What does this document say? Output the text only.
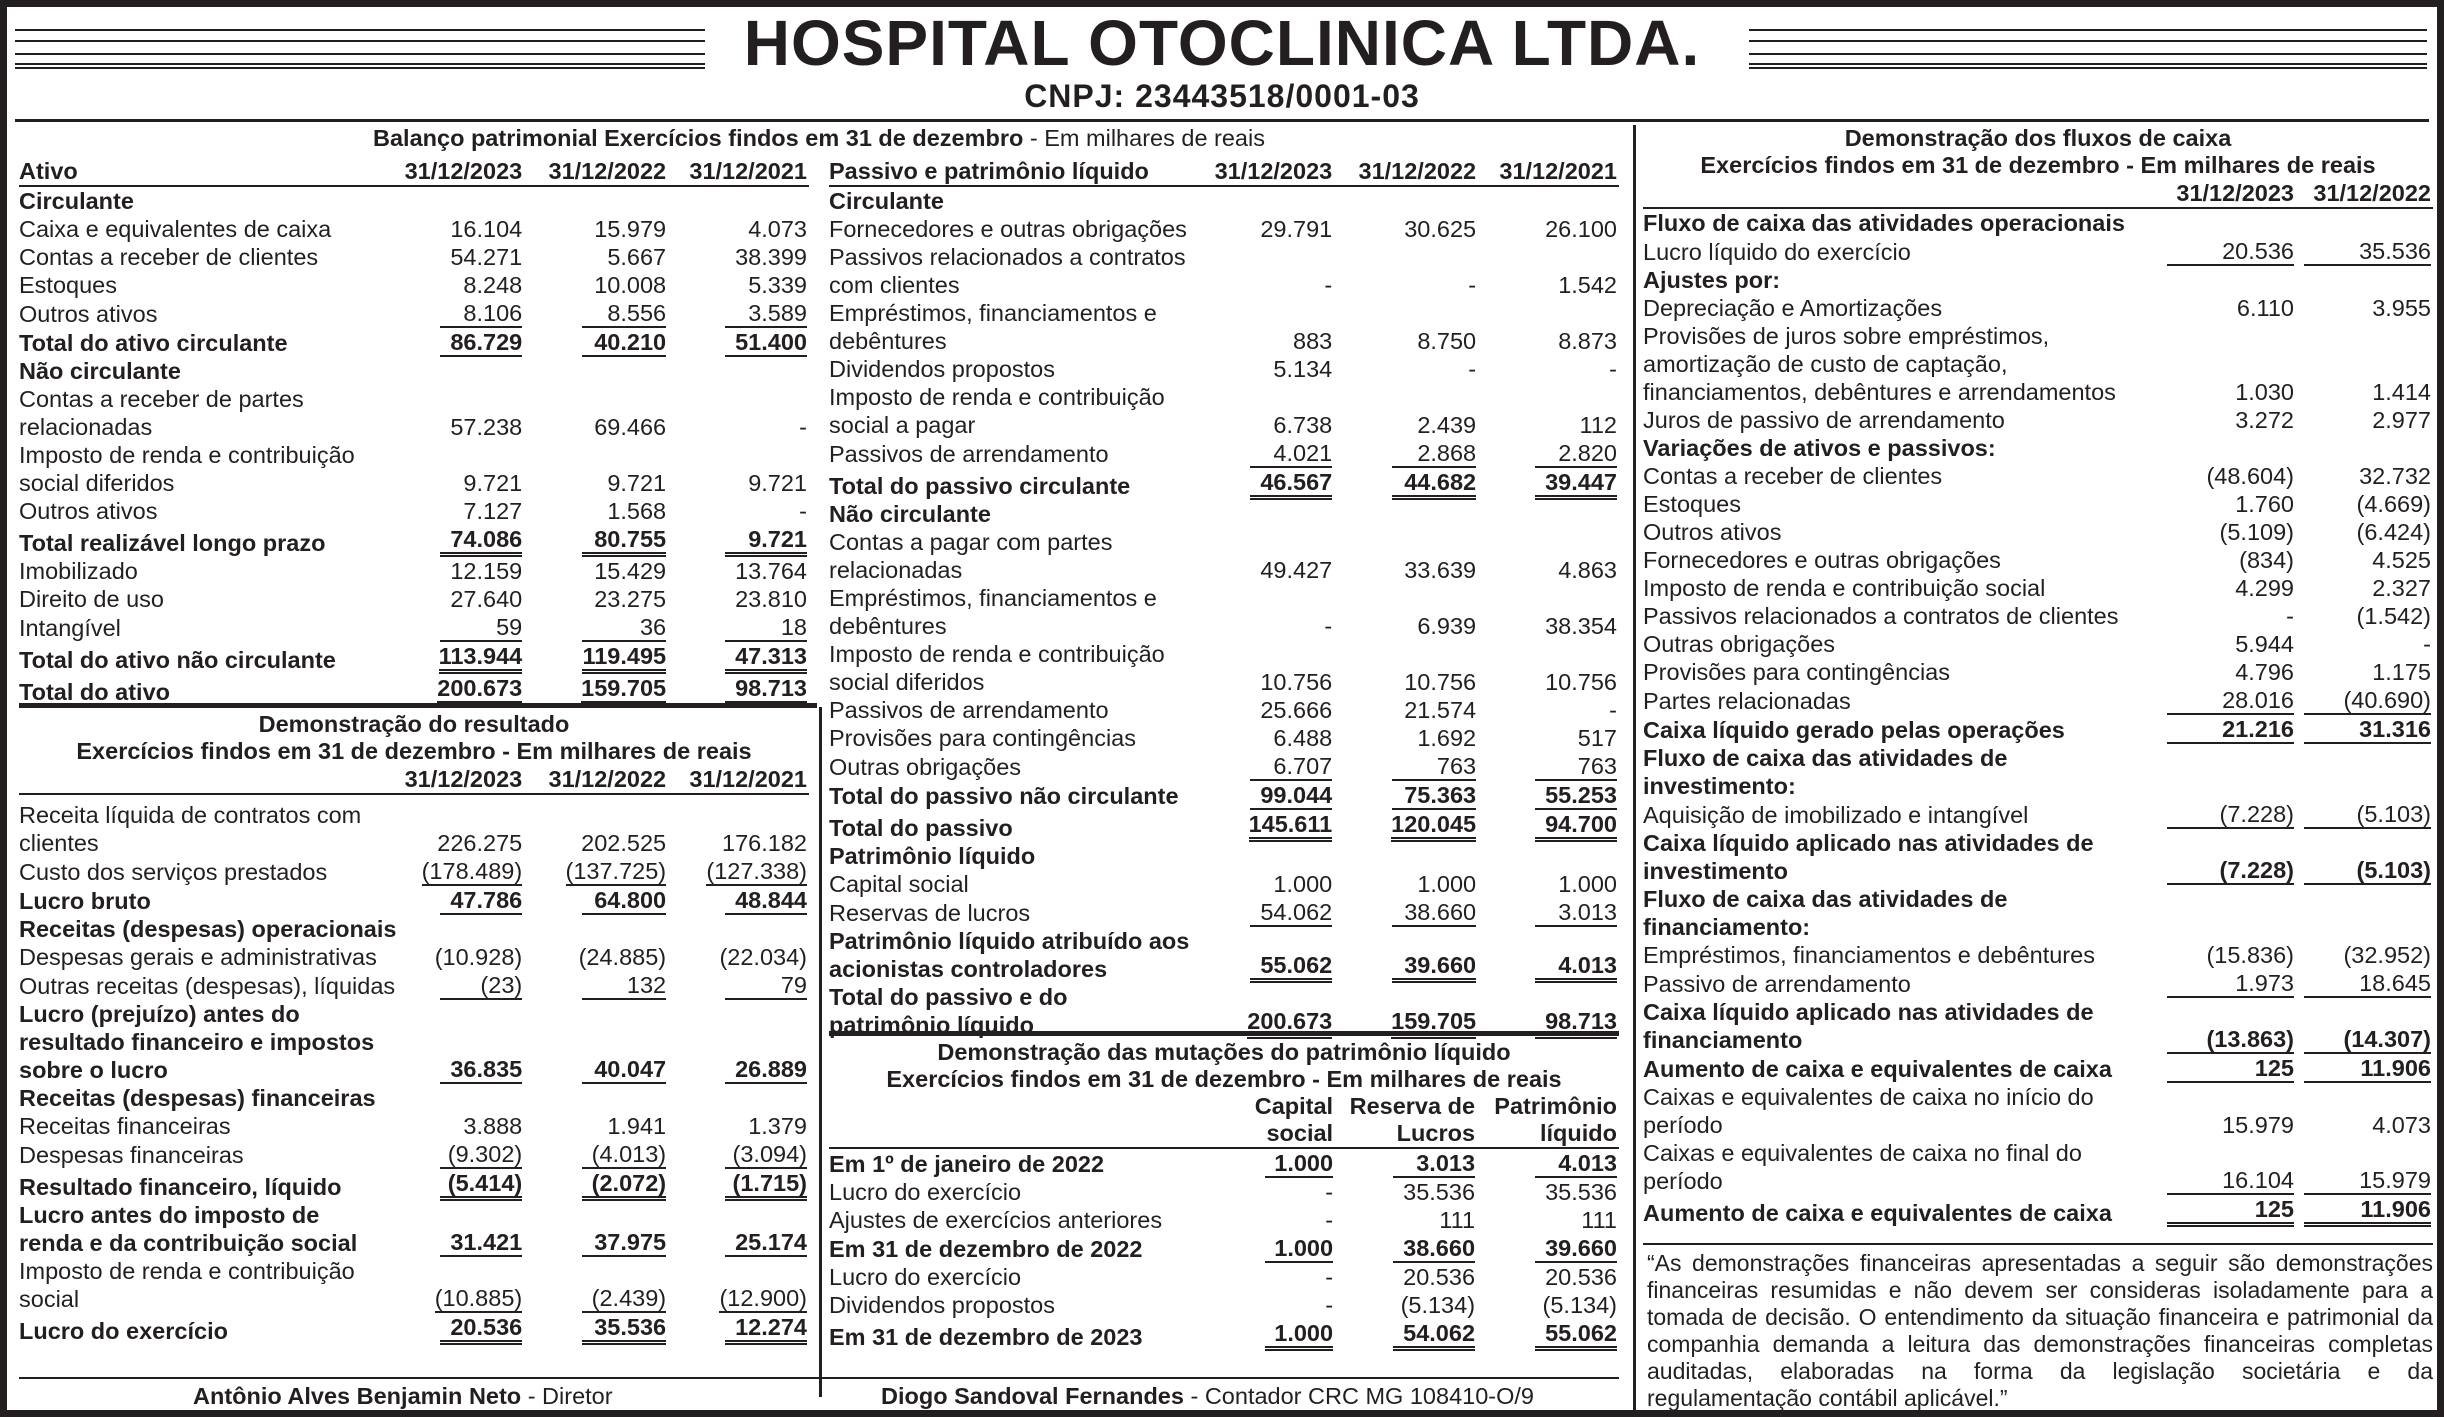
HOSPITAL OTOCLINICA LTDA.
CNPJ: 23443518/0001-03
Balanço patrimonial Exercícios findos em 31 de dezembro - Em milhares de reais
Ativo	31/12/2023	31/12/2022	31/12/2021
Circulante			
Caixa e equivalentes de caixa	16.104	15.979	4.073
Contas a receber de clientes	54.271	5.667	38.399
Estoques	8.248	10.008	5.339
Outros ativos	8.106	8.556	3.589
Total do ativo circulante	86.729	40.210	51.400
Não circulante			
Contas a receber de partes relacionadas	57.238	69.466	-
Imposto de renda e contribuição social diferidos	9.721	9.721	9.721
Outros ativos	7.127	1.568	-
Total realizável longo prazo	74.086	80.755	9.721
Imobilizado	12.159	15.429	13.764
Direito de uso	27.640	23.275	23.810
Intangível	59	36	18
Total do ativo não circulante	113.944	119.495	47.313
Total do ativo	200.673	159.705	98.713
Passivo e patrimônio líquido	31/12/2023	31/12/2022	31/12/2021
Circulante			
Fornecedores e outras obrigações	29.791	30.625	26.100
Passivos relacionados a contratos com clientes	-	-	1.542
Empréstimos, financiamentos e debêntures	883	8.750	8.873
Dividendos propostos	5.134	-	-
Imposto de renda e contribuição social a pagar	6.738	2.439	112
Passivos de arrendamento	4.021	2.868	2.820
Total do passivo circulante	46.567	44.682	39.447
Não circulante			
Contas a pagar com partes relacionadas	49.427	33.639	4.863
Empréstimos, financiamentos e debêntures	-	6.939	38.354
Imposto de renda e contribuição social diferidos	10.756	10.756	10.756
Passivos de arrendamento	25.666	21.574	-
Provisões para contingências	6.488	1.692	517
Outras obrigações	6.707	763	763
Total do passivo não circulante	99.044	75.363	55.253
Total do passivo	145.611	120.045	94.700
Patrimônio líquido			
Capital social	1.000	1.000	1.000
Reservas de lucros	54.062	38.660	3.013
Patrimônio líquido atribuído aos acionistas controladores	55.062	39.660	4.013
Total do passivo e do patrimônio líquido	200.673	159.705	98.713
Demonstração do resultado
Exercícios findos em 31 de dezembro - Em milhares de reais
	31/12/2023	31/12/2022	31/12/2021
Receita líquida de contratos com clientes	226.275	202.525	176.182
Custo dos serviços prestados	(178.489)	(137.725)	(127.338)
Lucro bruto	47.786	64.800	48.844
Receitas (despesas) operacionais			
Despesas gerais e administrativas	(10.928)	(24.885)	(22.034)
Outras receitas (despesas), líquidas	(23)	132	79
Lucro (prejuízo) antes do resultado financeiro e impostos sobre o lucro	36.835	40.047	26.889
Receitas (despesas) financeiras			
Receitas financeiras	3.888	1.941	1.379
Despesas financeiras	(9.302)	(4.013)	(3.094)
Resultado financeiro, líquido	(5.414)	(2.072)	(1.715)
Lucro antes do imposto de renda e da contribuição social	31.421	37.975	25.174
Imposto de renda e contribuição social	(10.885)	(2.439)	(12.900)
Lucro do exercício	20.536	35.536	12.274
Demonstração das mutações do patrimônio líquido
Exercícios findos em 31 de dezembro - Em milhares de reais
	Capital social	Reserva de Lucros	Patrimônio líquido
Em 1º de janeiro de 2022	1.000	3.013	4.013
Lucro do exercício	-	35.536	35.536
Ajustes de exercícios anteriores	-	111	111
Em 31 de dezembro de 2022	1.000	38.660	39.660
Lucro do exercício	-	20.536	20.536
Dividendos propostos	-	(5.134)	(5.134)
Em 31 de dezembro de 2023	1.000	54.062	55.062
Demonstração dos fluxos de caixa
Exercícios findos em 31 de dezembro - Em milhares de reais
	31/12/2023	31/12/2022
Fluxo de caixa das atividades operacionais		
Lucro líquido do exercício	20.536	35.536
Ajustes por:		
Depreciação e Amortizações	6.110	3.955
Provisões de juros sobre empréstimos, amortização de custo de captação, financiamentos, debêntures e arrendamentos	1.030	1.414
Juros de passivo de arrendamento	3.272	2.977
Variações de ativos e passivos:		
Contas a receber de clientes	(48.604)	32.732
Estoques	1.760	(4.669)
Outros ativos	(5.109)	(6.424)
Fornecedores e outras obrigações	(834)	4.525
Imposto de renda e contribuição social	4.299	2.327
Passivos relacionados a contratos de clientes	-	(1.542)
Outras obrigações	5.944	-
Provisões para contingências	4.796	1.175
Partes relacionadas	28.016	(40.690)
Caixa líquido gerado pelas operações	21.216	31.316
Fluxo de caixa das atividades de investimento:		
Aquisição de imobilizado e intangível	(7.228)	(5.103)
Caixa líquido aplicado nas atividades de investimento	(7.228)	(5.103)
Fluxo de caixa das atividades de financiamento:		
Empréstimos, financiamentos e debêntures	(15.836)	(32.952)
Passivo de arrendamento	1.973	18.645
Caixa líquido aplicado nas atividades de financiamento	(13.863)	(14.307)
Aumento de caixa e equivalentes de caixa	125	11.906
Caixas e equivalentes de caixa no início do período	15.979	4.073
Caixas e equivalentes de caixa no final do período	16.104	15.979
Aumento de caixa e equivalentes de caixa	125	11.906
“As demonstrações financeiras apresentadas a seguir são demonstrações financeiras resumidas e não devem ser consideras isoladamente para a tomada de decisão. O entendimento da situação financeira e patrimonial da companhia demanda a leitura das demonstrações financeiras completas auditadas, elaboradas na forma da legislação societária e da regulamentação contábil aplicável.”
Antônio Alves Benjamin Neto - Diretor	Diogo Sandoval Fernandes - Contador CRC MG 108410-O/9
